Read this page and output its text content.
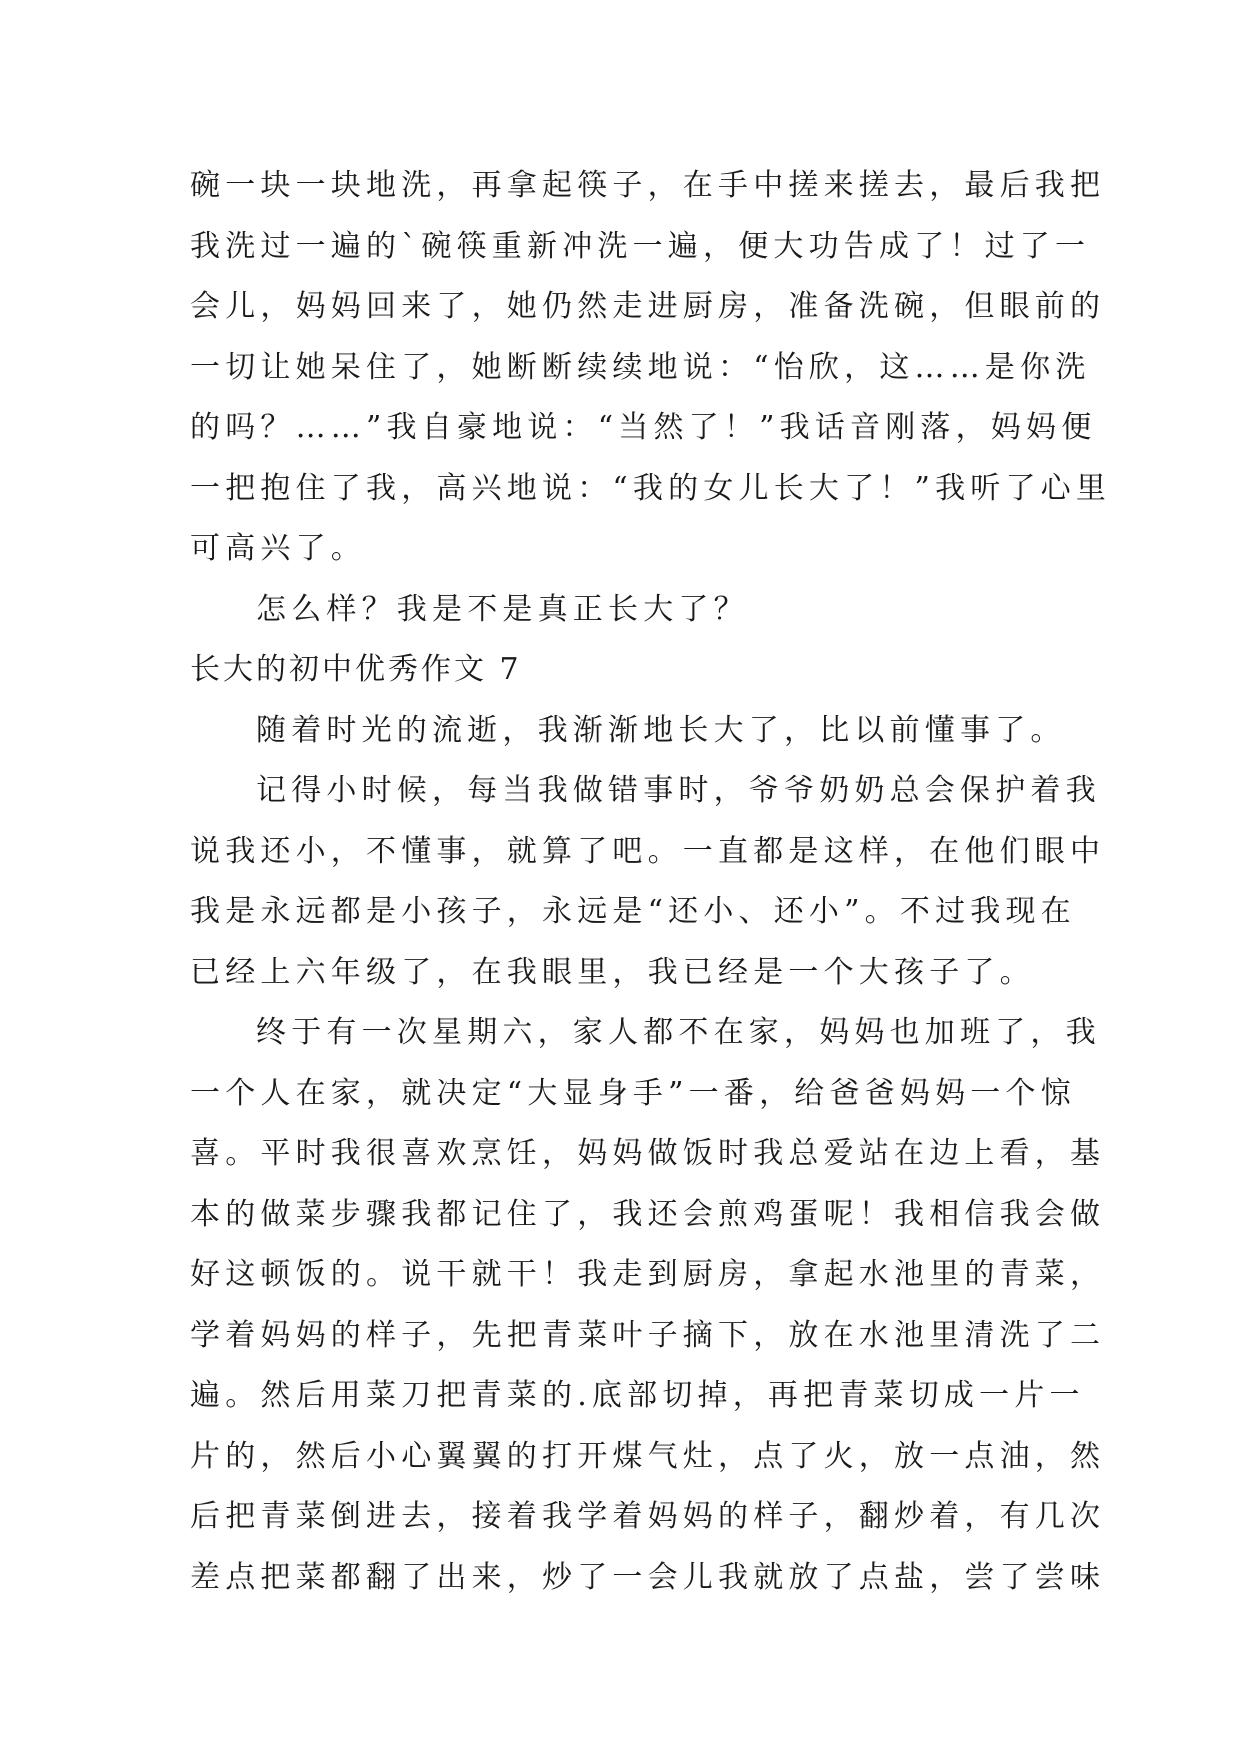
碗一块一块地洗，再拿起筷子，在手中搓来搓去，最后我把
我洗过一遍的`碗筷重新冲洗一遍，便大功告成了！过了一
会儿，妈妈回来了，她仍然走进厨房，准备洗碗，但眼前的
一切让她呆住了，她断断续续地说：“怡欣，这……是你洗
的吗？……”我自豪地说：“当然了！”我话音刚落，妈妈便
一把抱住了我，高兴地说：“我的女儿长大了！”我听了心里
可高兴了。
怎么样？我是不是真正长大了？
长大的初中优秀作文 7
随着时光的流逝，我渐渐地长大了，比以前懂事了。
记得小时候，每当我做错事时，爷爷奶奶总会保护着我
说我还小，不懂事，就算了吧。一直都是这样，在他们眼中
我是永远都是小孩子，永远是“还小、还小”。不过我现在
已经上六年级了，在我眼里，我已经是一个大孩子了。
终于有一次星期六，家人都不在家，妈妈也加班了，我
一个人在家，就决定“大显身手”一番，给爸爸妈妈一个惊
喜。平时我很喜欢烹饪，妈妈做饭时我总爱站在边上看，基
本的做菜步骤我都记住了，我还会煎鸡蛋呢！我相信我会做
好这顿饭的。说干就干！我走到厨房，拿起水池里的青菜，
学着妈妈的样子，先把青菜叶子摘下，放在水池里清洗了二
遍。然后用菜刀把青菜的.底部切掉，再把青菜切成一片一
片的，然后小心翼翼的打开煤气灶，点了火，放一点油，然
后把青菜倒进去，接着我学着妈妈的样子，翻炒着，有几次
差点把菜都翻了出来，炒了一会儿我就放了点盐，尝了尝味
